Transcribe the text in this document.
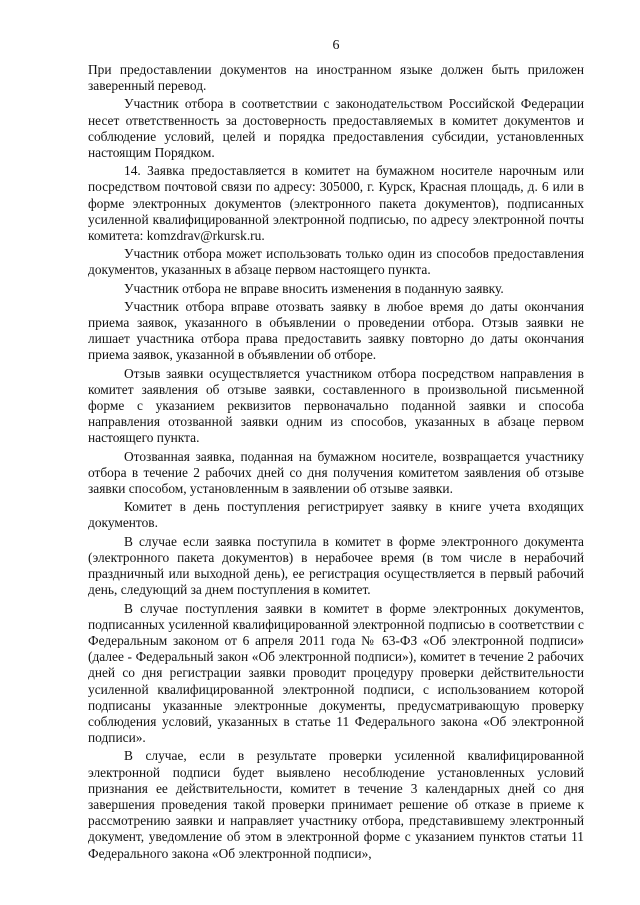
6

При предоставлении документов на иностранном языке должен быть приложен заверенный перевод.

Участник отбора в соответствии с законодательством Российской Федерации несет ответственность за достоверность предоставляемых в комитет документов и соблюдение условий, целей и порядка предоставления субсидии, установленных настоящим Порядком.

14. Заявка предоставляется в комитет на бумажном носителе нарочным или посредством почтовой связи по адресу: 305000, г. Курск, Красная площадь, д. 6 или в форме электронных документов (электронного пакета документов), подписанных усиленной квалифицированной электронной подписью, по адресу электронной почты комитета: komzdrav@rkursk.ru.

Участник отбора может использовать только один из способов предоставления документов, указанных в абзаце первом настоящего пункта.

Участник отбора не вправе вносить изменения в поданную заявку.

Участник отбора вправе отозвать заявку в любое время до даты окончания приема заявок, указанного в объявлении о проведении отбора. Отзыв заявки не лишает участника отбора права предоставить заявку повторно до даты окончания приема заявок, указанной в объявлении об отборе.

Отзыв заявки осуществляется участником отбора посредством направления в комитет заявления об отзыве заявки, составленного в произвольной письменной форме с указанием реквизитов первоначально поданной заявки и способа направления отозванной заявки одним из способов, указанных в абзаце первом настоящего пункта.

Отозванная заявка, поданная на бумажном носителе, возвращается участнику отбора в течение 2 рабочих дней со дня получения комитетом заявления об отзыве заявки способом, установленным в заявлении об отзыве заявки.

Комитет в день поступления регистрирует заявку в книге учета входящих документов.

В случае если заявка поступила в комитет в форме электронного документа (электронного пакета документов) в нерабочее время (в том числе в нерабочий праздничный или выходной день), ее регистрация осуществляется в первый рабочий день, следующий за днем поступления в комитет.

В случае поступления заявки в комитет в форме электронных документов, подписанных усиленной квалифицированной электронной подписью в соответствии с Федеральным законом от 6 апреля 2011 года № 63-ФЗ «Об электронной подписи» (далее - Федеральный закон «Об электронной подписи»), комитет в течение 2 рабочих дней со дня регистрации заявки проводит процедуру проверки действительности усиленной квалифицированной электронной подписи, с использованием которой подписаны указанные электронные документы, предусматривающую проверку соблюдения условий, указанных в статье 11 Федерального закона «Об электронной подписи».

В случае, если в результате проверки усиленной квалифицированной электронной подписи будет выявлено несоблюдение установленных условий признания ее действительности, комитет в течение 3 календарных дней со дня завершения проведения такой проверки принимает решение об отказе в приеме к рассмотрению заявки и направляет участнику отбора, представившему электронный документ, уведомление об этом в электронной форме с указанием пунктов статьи 11 Федерального закона «Об электронной подписи»,
